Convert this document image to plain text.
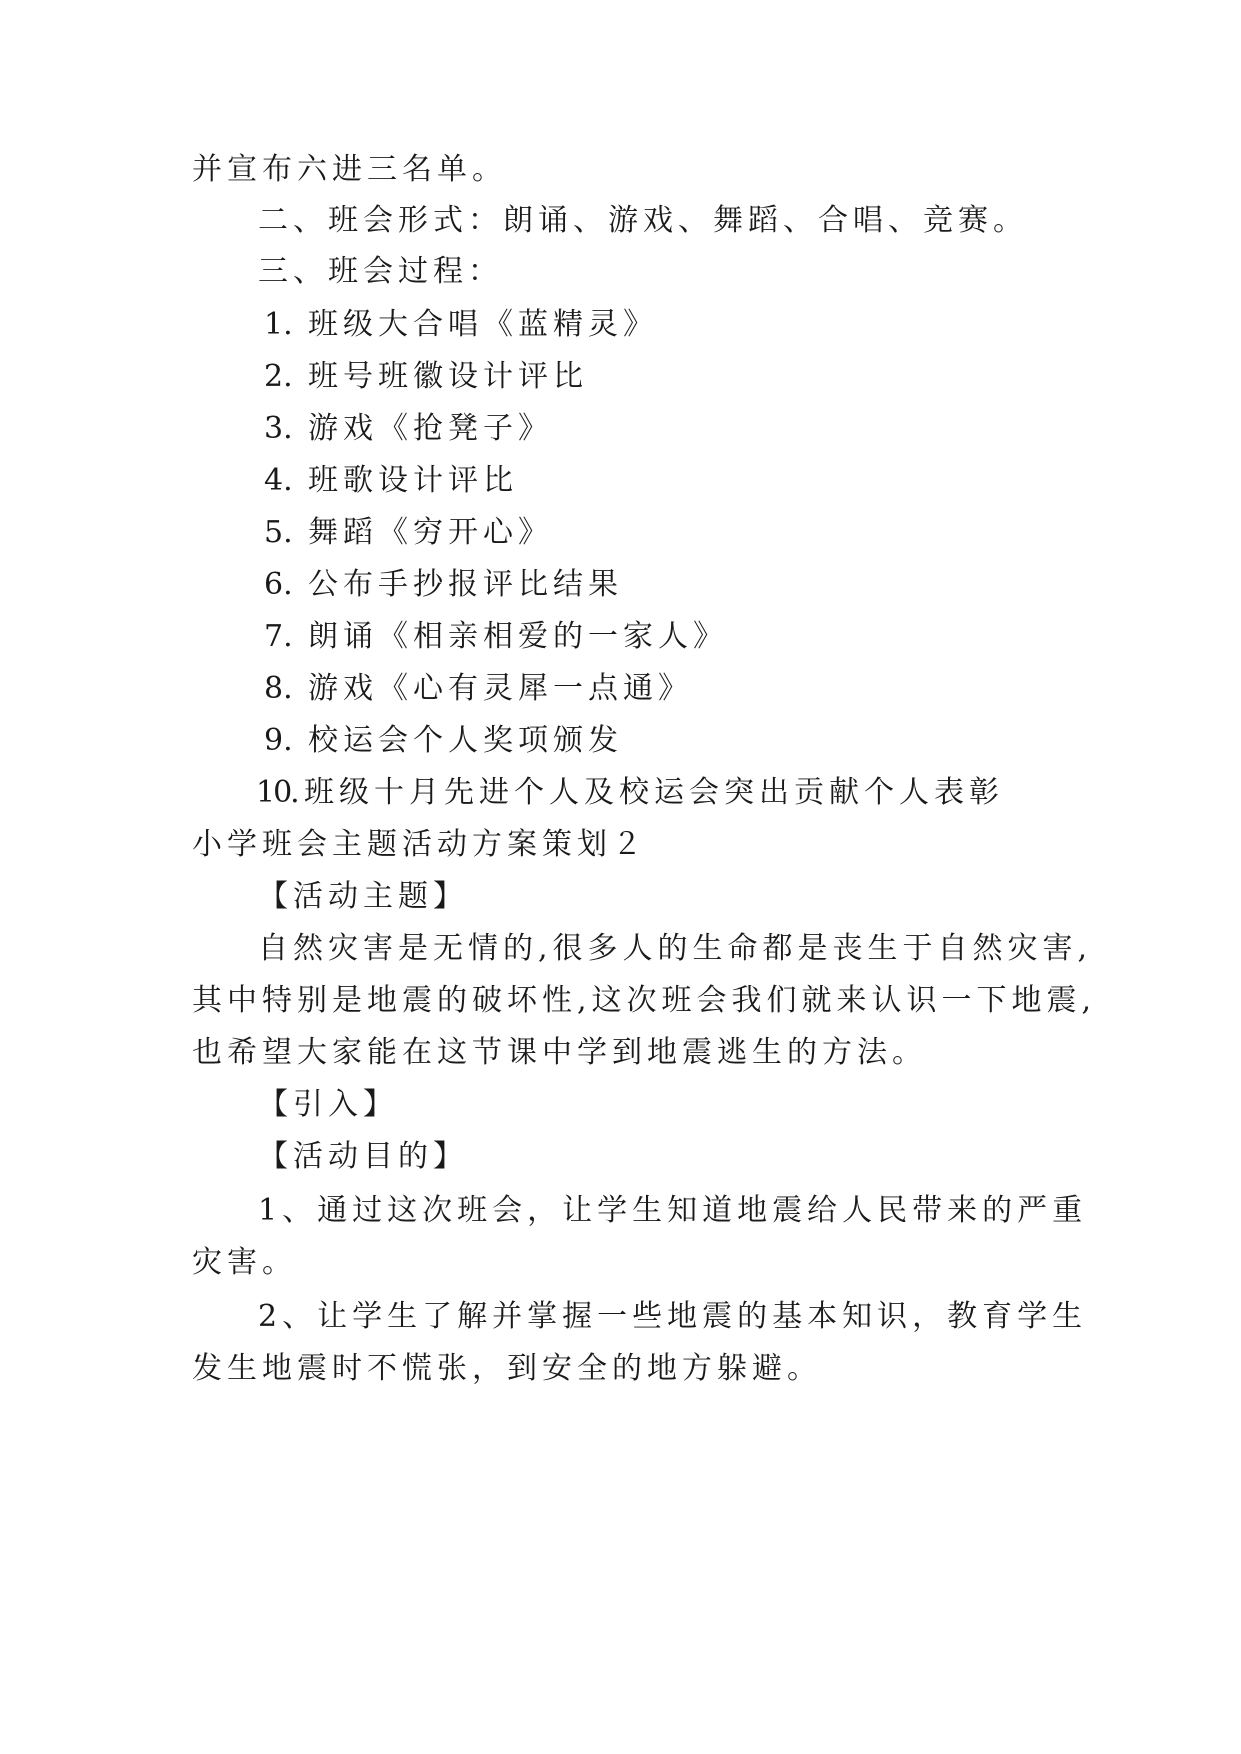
并宣布六进三名单。
二、班会形式：朗诵、游戏、舞蹈、合唱、竞赛。
三、班会过程：
1. 班级大合唱《蓝精灵》
2. 班号班徽设计评比
3. 游戏《抢凳子》
4. 班歌设计评比
5. 舞蹈《穷开心》
6. 公布手抄报评比结果
7. 朗诵《相亲相爱的一家人》
8. 游戏《心有灵犀一点通》
9. 校运会个人奖项颁发
10. 班级十月先进个人及校运会突出贡献个人表彰
小学班会主题活动方案策划２
【活动主题】
自然灾害是无情的,很多人的生命都是丧生于自然灾害,
其中特别是地震的破坏性,这次班会我们就来认识一下地震,
也希望大家能在这节课中学到地震逃生的方法。
【引入】
【活动目的】
1、通过这次班会，让学生知道地震给人民带来的严重
灾害。
2、让学生了解并掌握一些地震的基本知识，教育学生
发生地震时不慌张，到安全的地方躲避。
